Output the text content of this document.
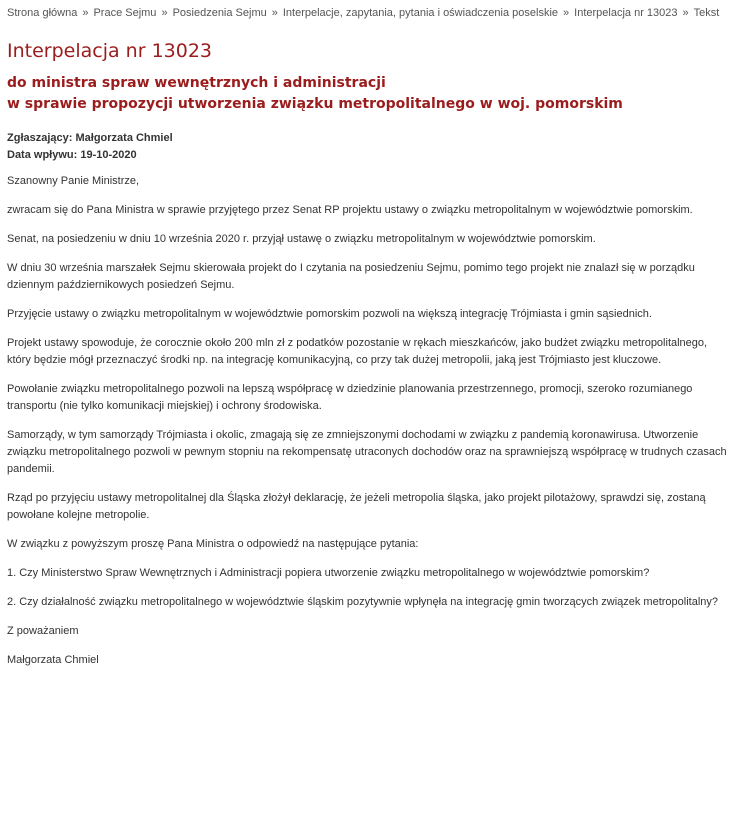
Strona główna » Prace Sejmu » Posiedzenia Sejmu » Interpelacje, zapytania, pytania i oświadczenia poselskie » Interpelacja nr 13023 » Tekst
Interpelacja nr 13023
do ministra spraw wewnętrznych i administracji
w sprawie propozycji utworzenia związku metropolitalnego w woj. pomorskim
Zgłaszający: Małgorzata Chmiel
Data wpływu: 19-10-2020

Szanowny Panie Ministrze,

zwracam się do Pana Ministra w sprawie przyjętego przez Senat RP projektu ustawy o związku metropolitalnym w województwie pomorskim.

Senat, na posiedzeniu w dniu 10 września 2020 r. przyjął ustawę o związku metropolitalnym w województwie pomorskim.

W dniu 30 września marszałek Sejmu skierowała projekt do I czytania na posiedzeniu Sejmu, pomimo tego projekt nie znalazł się w porządku dziennym październikowych posiedzeń Sejmu.

Przyjęcie ustawy o związku metropolitalnym w województwie pomorskim pozwoli na większą integrację Trójmiasta i gmin sąsiednich.

Projekt ustawy spowoduje, że corocznie około 200 mln zł z podatków pozostanie w rękach mieszkańców, jako budżet związku metropolitalnego, który będzie mógł przeznaczyć środki np. na integrację komunikacyjną, co przy tak dużej metropolii, jaką jest Trójmiasto jest kluczowe.

Powołanie związku metropolitalnego pozwoli na lepszą współpracę w dziedzinie planowania przestrzennego, promocji, szeroko rozumianego transportu (nie tylko komunikacji miejskiej) i ochrony środowiska.

Samorządy, w tym samorządy Trójmiasta i okolic, zmagają się ze zmniejszonymi dochodami w związku z pandemią koronawirusa. Utworzenie związku metropolitalnego pozwoli w pewnym stopniu na rekompensatę utraconych dochodów oraz na sprawniejszą współpracę w trudnych czasach pandemii.

Rząd po przyjęciu ustawy metropolitalnej dla Śląska złożył deklarację, że jeżeli metropolia śląska, jako projekt pilotażowy, sprawdzi się, zostaną powołane kolejne metropolie.

W związku z powyższym proszę Pana Ministra o odpowiedź na następujące pytania:

1. Czy Ministerstwo Spraw Wewnętrznych i Administracji popiera utworzenie związku metropolitalnego w województwie pomorskim?

2. Czy działalność związku metropolitalnego w województwie śląskim pozytywnie wpłynęła na integrację gmin tworzących związek metropolitalny?

Z poważaniem

Małgorzata Chmiel
